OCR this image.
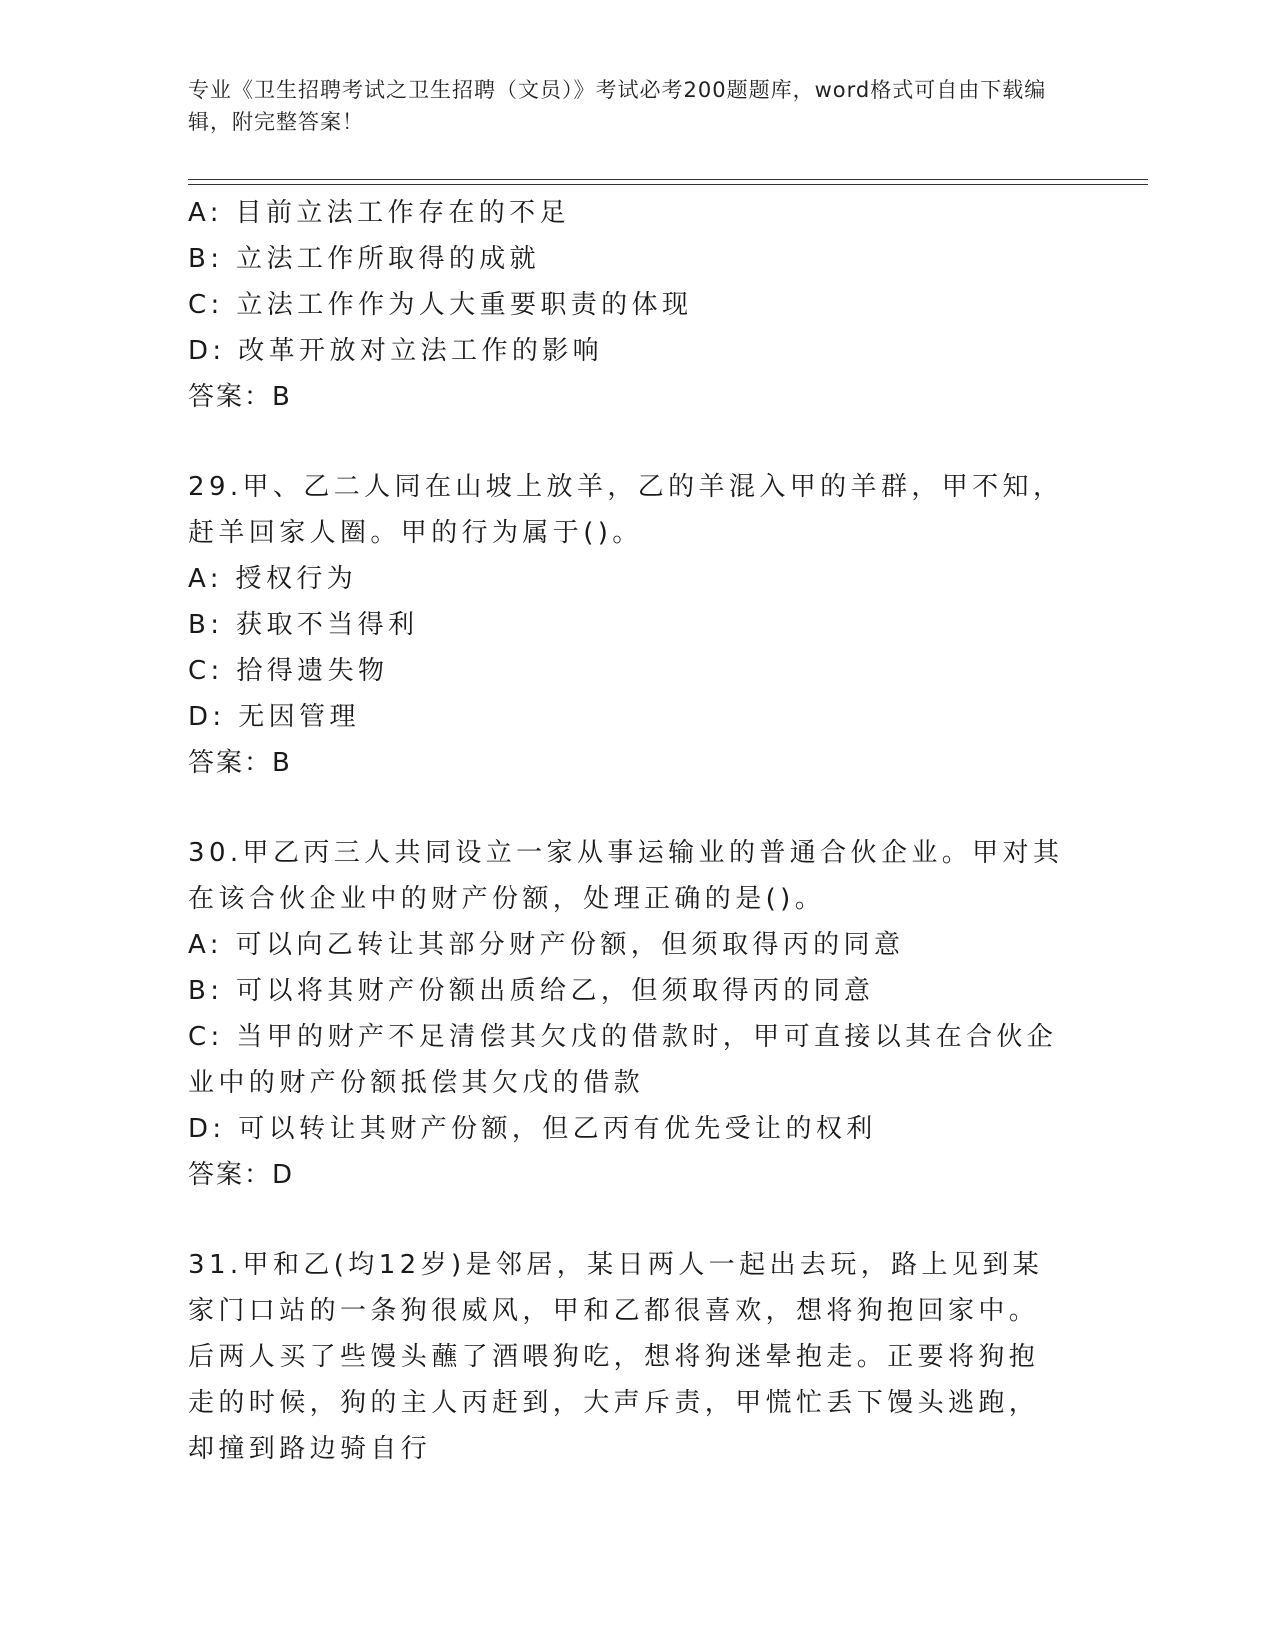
专业《卫生招聘考试之卫生招聘（文员）》考试必考200题题库，word格式可自由下载编辑，附完整答案！

A: 目前立法工作存在的不足

B: 立法工作所取得的成就

C: 立法工作作为人大重要职责的体现

D: 改革开放对立法工作的影响

答案：B

29.甲、乙二人同在山坡上放羊，乙的羊混入甲的羊群，甲不知，赶羊回家人圈。甲的行为属于()。

A: 授权行为

B: 获取不当得利

C: 拾得遗失物

D: 无因管理

答案：B

30.甲乙丙三人共同设立一家从事运输业的普通合伙企业。甲对其在该合伙企业中的财产份额，处理正确的是()。

A: 可以向乙转让其部分财产份额，但须取得丙的同意

B: 可以将其财产份额出质给乙，但须取得丙的同意

C: 当甲的财产不足清偿其欠戊的借款时，甲可直接以其在合伙企业中的财产份额抵偿其欠戊的借款

D: 可以转让其财产份额，但乙丙有优先受让的权利

答案：D

31.甲和乙(均12岁)是邻居，某日两人一起出去玩，路上见到某家门口站的一条狗很威风，甲和乙都很喜欢，想将狗抱回家中。后两人买了些馒头蘸了酒喂狗吃，想将狗迷晕抱走。正要将狗抱走的时候，狗的主人丙赶到，大声斥责，甲慌忙丢下馒头逃跑，却撞到路边骑自行
